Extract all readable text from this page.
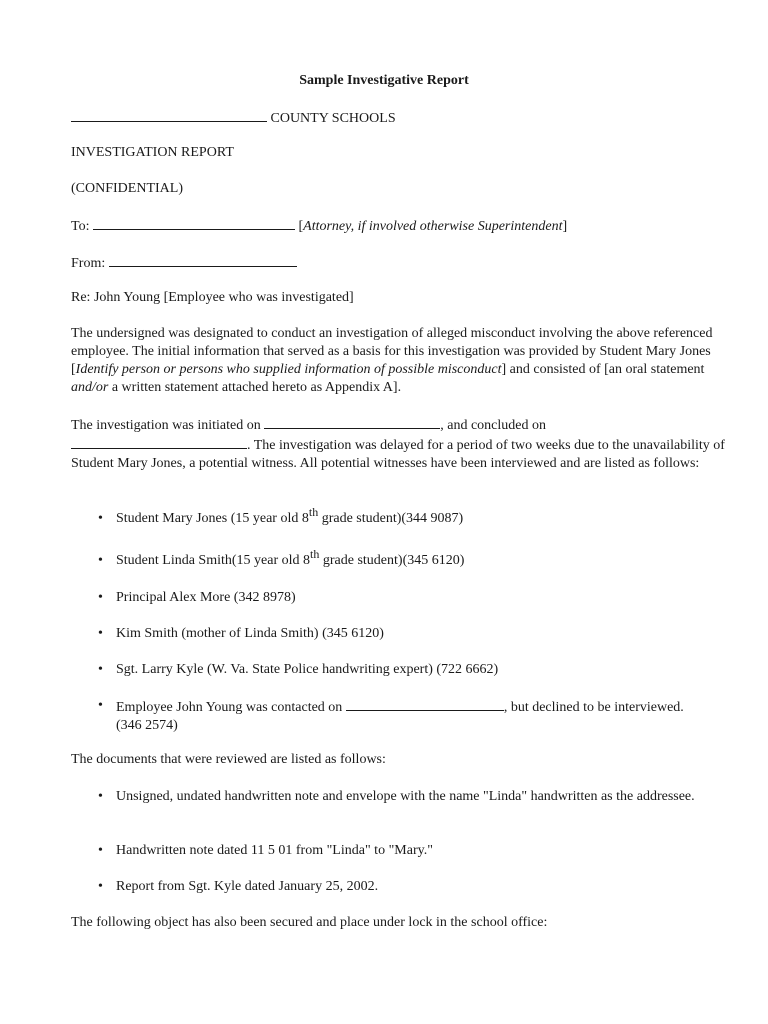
Sample Investigative Report
COUNTY SCHOOLS
INVESTIGATION REPORT
(CONFIDENTIAL)
To:	[Attorney, if involved otherwise Superintendent]
From:
Re: John Young [Employee who was investigated]
The undersigned was designated to conduct an investigation of alleged misconduct involving the above referenced employee. The initial information that served as a basis for this investigation was provided by Student Mary Jones [Identify person or persons who supplied information of possible misconduct] and consisted of [an oral statement and/or a written statement attached hereto as Appendix A].
The investigation was initiated on	, and concluded on
. The investigation was delayed for a period of two weeks due to the unavailability of Student Mary Jones, a potential witness. All potential witnesses have been interviewed and are listed as follows:
• Student Mary Jones (15 year old 8th grade student)(344 9087)
• Student Linda Smith(15 year old 8th grade student)(345 6120)
• Principal Alex More (342 8978)
• Kim Smith (mother of Linda Smith) (345 6120)
• Sgt. Larry Kyle (W. Va. State Police handwriting expert) (722 6662)
• Employee John Young was contacted on	, but declined to be interviewed.
(346 2574)
The documents that were reviewed are listed as follows:
• Unsigned, undated handwritten note and envelope with the name "Linda" handwritten as the addressee.
• Handwritten note dated 11 5 01 from "Linda" to "Mary."
• Report from Sgt. Kyle dated January 25, 2002.
The following object has also been secured and place under lock in the school office:
